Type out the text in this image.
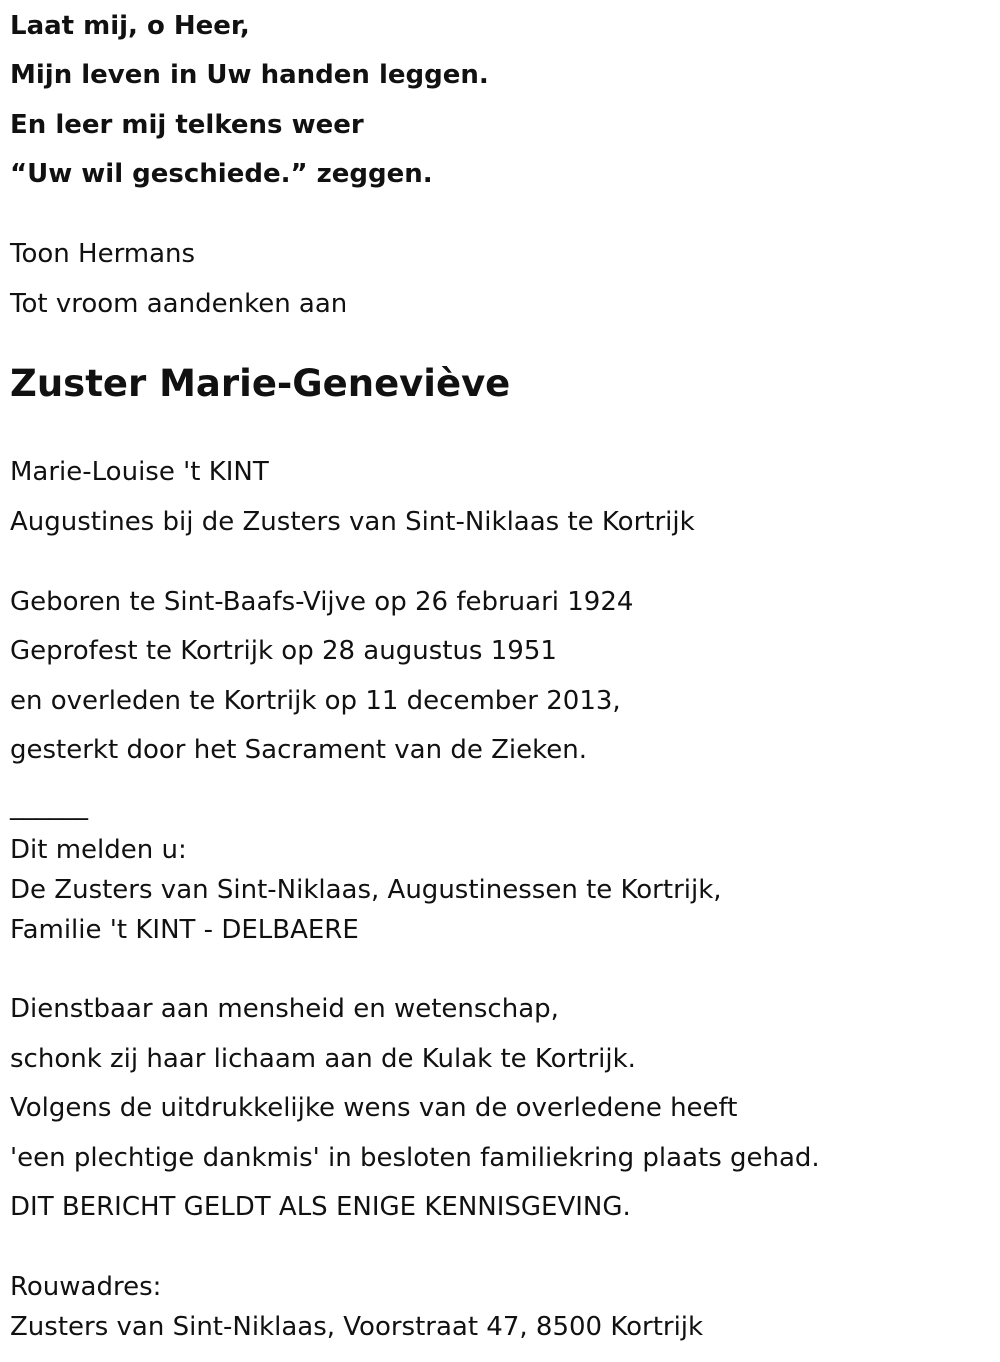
Laat mij, o Heer,

Mijn leven in Uw handen leggen.

En leer mij telkens weer

“Uw wil geschiede.” zeggen.

Toon Hermans

Tot vroom aandenken aan

Zuster Marie-Geneviève

Marie-Louise 't KINT

Augustines bij de Zusters van Sint-Niklaas te Kortrijk

Geboren te Sint-Baafs-Vijve op 26 februari 1924

Geprofest te Kortrijk op 28 augustus 1951

en overleden te Kortrijk op 11 december 2013,

gesterkt door het Sacrament van de Zieken.

______

Dit melden u:

De Zusters van Sint-Niklaas, Augustinessen te Kortrijk,

Familie 't KINT - DELBAERE

Dienstbaar aan mensheid en wetenschap,

schonk zij haar lichaam aan de Kulak te Kortrijk.

Volgens de uitdrukkelijke wens van de overledene heeft

'een plechtige dankmis' in besloten familiekring plaats gehad.

DIT BERICHT GELDT ALS ENIGE KENNISGEVING.

Rouwadres:

Zusters van Sint-Niklaas, Voorstraat 47, 8500 Kortrijk
